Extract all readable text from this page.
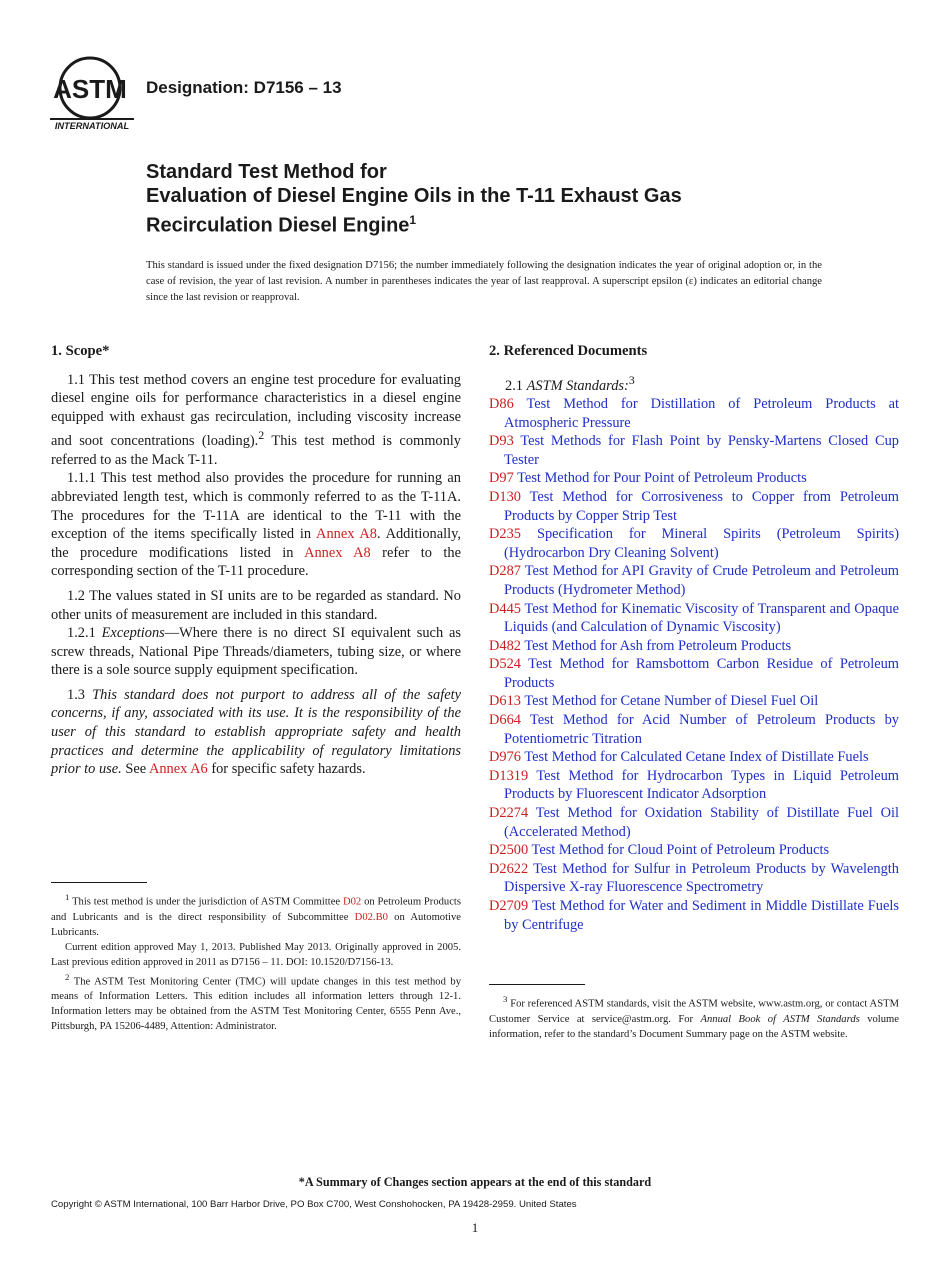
ASTM
INTERNATIONAL
Designation: D7156 – 13
Standard Test Method for
Evaluation of Diesel Engine Oils in the T-11 Exhaust Gas
Recirculation Diesel Engine$^1$
This standard is issued under the fixed designation D7156; the number immediately following the designation indicates the year of original adoption or, in the case of revision, the year of last revision. A number in parentheses indicates the year of last reapproval. A superscript epsilon (ε) indicates an editorial change since the last revision or reapproval.
1. Scope*

1.1 This test method covers an engine test procedure for evaluating diesel engine oils for performance characteristics in a diesel engine equipped with exhaust gas recirculation, including viscosity increase and soot concentrations (loading).$^2$ This test method is commonly referred to as the Mack T-11.

1.1.1 This test method also provides the procedure for running an abbreviated length test, which is commonly referred to as the T-11A. The procedures for the T-11A are identical to the T-11 with the exception of the items specifically listed in Annex A8. Additionally, the procedure modifications listed in Annex A8 refer to the corresponding section of the T-11 procedure.

1.2 The values stated in SI units are to be regarded as standard. No other units of measurement are included in this standard.

1.2.1 Exceptions—Where there is no direct SI equivalent such as screw threads, National Pipe Threads/diameters, tubing size, or where there is a sole source supply equipment specification.

1.3 This standard does not purport to address all of the safety concerns, if any, associated with its use. It is the responsibility of the user of this standard to establish appropriate safety and health practices and determine the applicability of regulatory limitations prior to use. See Annex A6 for specific safety hazards.

2. Referenced Documents

2.1 ASTM Standards:$^3$

D86 Test Method for Distillation of Petroleum Products at Atmospheric Pressure

D93 Test Methods for Flash Point by Pensky-Martens Closed Cup Tester

D97 Test Method for Pour Point of Petroleum Products

D130 Test Method for Corrosiveness to Copper from Petroleum Products by Copper Strip Test

D235 Specification for Mineral Spirits (Petroleum Spirits) (Hydrocarbon Dry Cleaning Solvent)

D287 Test Method for API Gravity of Crude Petroleum and Petroleum Products (Hydrometer Method)

D445 Test Method for Kinematic Viscosity of Transparent and Opaque Liquids (and Calculation of Dynamic Viscosity)

D482 Test Method for Ash from Petroleum Products

D524 Test Method for Ramsbottom Carbon Residue of Petroleum Products

D613 Test Method for Cetane Number of Diesel Fuel Oil

D664 Test Method for Acid Number of Petroleum Products by Potentiometric Titration

D976 Test Method for Calculated Cetane Index of Distillate Fuels

D1319 Test Method for Hydrocarbon Types in Liquid Petroleum Products by Fluorescent Indicator Adsorption

D2274 Test Method for Oxidation Stability of Distillate Fuel Oil (Accelerated Method)

D2500 Test Method for Cloud Point of Petroleum Products

D2622 Test Method for Sulfur in Petroleum Products by Wavelength Dispersive X-ray Fluorescence Spectrometry

D2709 Test Method for Water and Sediment in Middle Distillate Fuels by Centrifuge

$^1$ This test method is under the jurisdiction of ASTM Committee D02 on Petroleum Products and Lubricants and is the direct responsibility of Subcommittee D02.B0 on Automotive Lubricants.

Current edition approved May 1, 2013. Published May 2013. Originally approved in 2005. Last previous edition approved in 2011 as D7156 – 11. DOI: 10.1520/D7156-13.

$^2$ The ASTM Test Monitoring Center (TMC) will update changes in this test method by means of Information Letters. This edition includes all information letters through 12-1. Information letters may be obtained from the ASTM Test Monitoring Center, 6555 Penn Ave., Pittsburgh, PA 15206-4489, Attention: Administrator.

$^3$ For referenced ASTM standards, visit the ASTM website, www.astm.org, or contact ASTM Customer Service at service@astm.org. For Annual Book of ASTM Standards volume information, refer to the standard’s Document Summary page on the ASTM website.

*A Summary of Changes section appears at the end of this standard
Copyright © ASTM International, 100 Barr Harbor Drive, PO Box C700, West Conshohocken, PA 19428-2959. United States
1
